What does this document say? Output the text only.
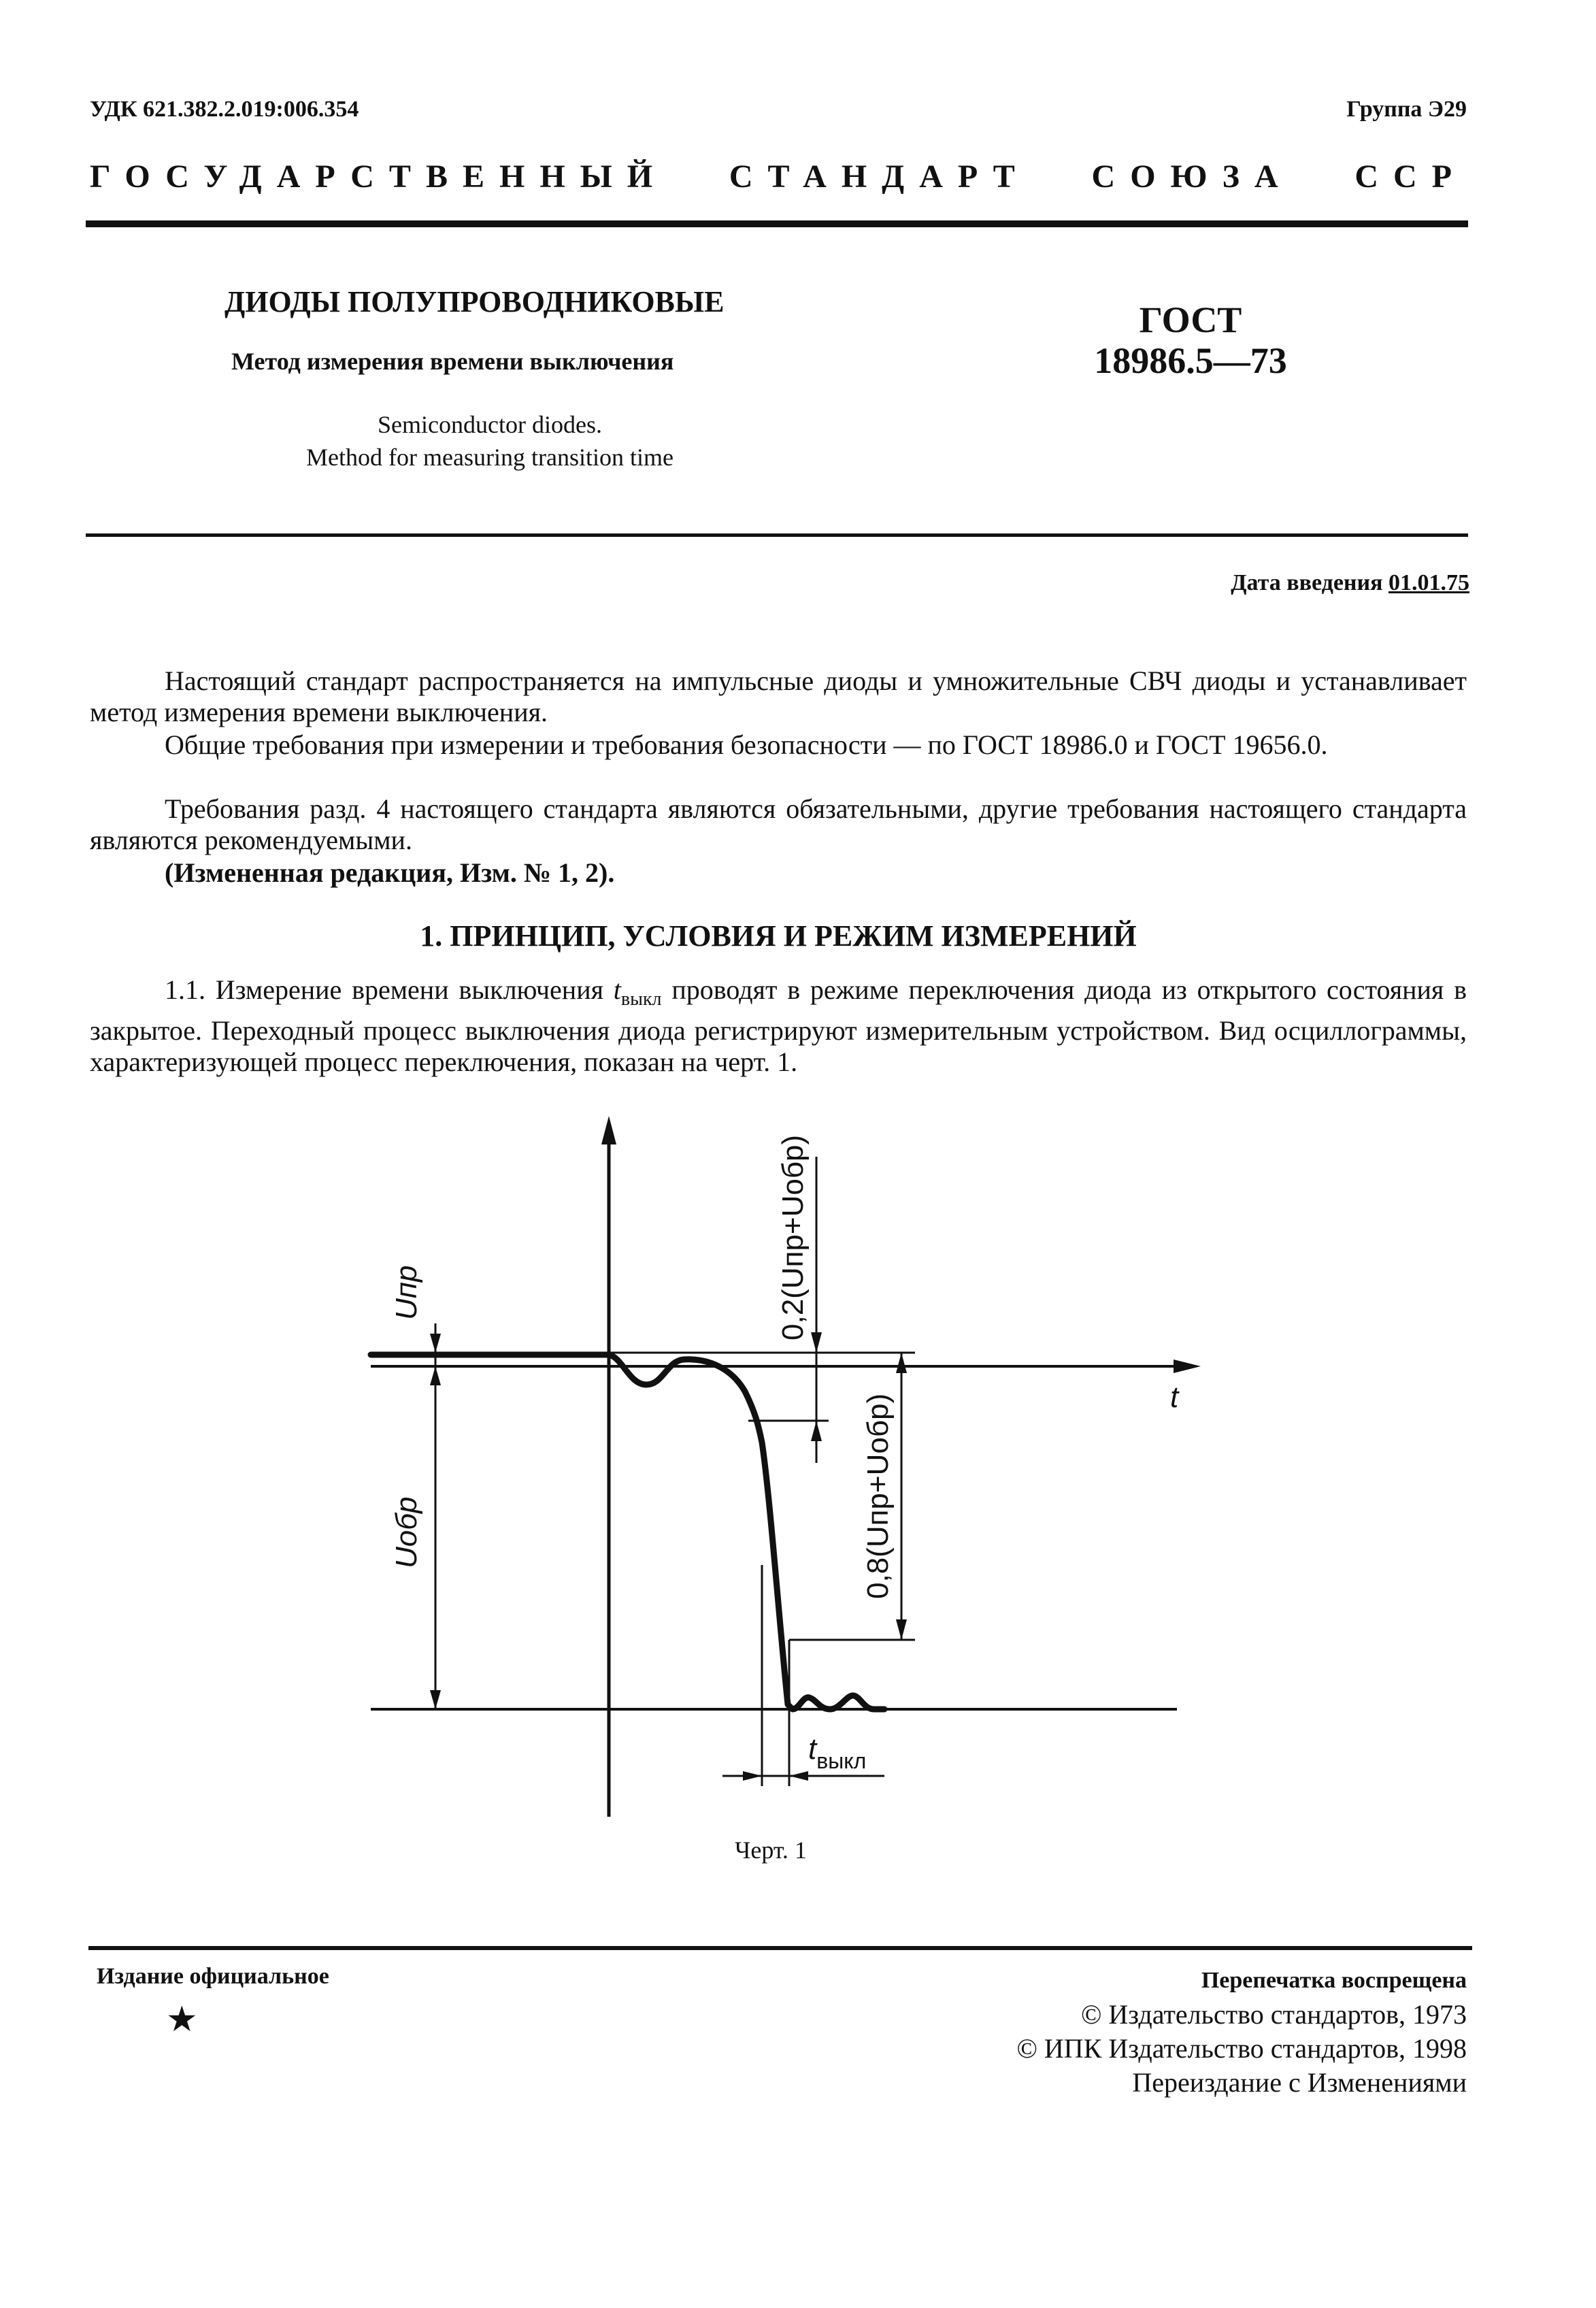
УДК 621.382.2.019:006.354	Группа Э29
ГОСУДАРСТВЕННЫЙ СТАНДАРТ СОЮЗА ССР
ДИОДЫ ПОЛУПРОВОДНИКОВЫЕ
Метод измерения времени выключения
Semiconductor diodes.
Method for measuring transition time
ГОСТ
18986.5—73
Дата введения 01.01.75
Настоящий стандарт распространяется на импульсные диоды и умножительные СВЧ диоды и устанавливает метод измерения времени выключения.
Общие требования при измерении и требования безопасности — по ГОСТ 18986.0 и ГОСТ 19656.0.
Требования разд. 4 настоящего стандарта являются обязательными, другие требования настоящего стандарта являются рекомендуемыми.
(Измененная редакция, Изм. № 1, 2).
1. ПРИНЦИП, УСЛОВИЯ И РЕЖИМ ИЗМЕРЕНИЙ
1.1. Измерение времени выключения $t_{выкл}$ проводят в режиме переключения диода из открытого состояния в закрытое. Переходный процесс выключения диода регистрируют измерительным устройством. Вид осциллограммы, характеризующей процесс переключения, показан на черт. 1.
Uпр
Uобр
0,2(Uпр+Uобр)
0,8(Uпр+Uобр)	t
$t_{выкл}$
Черт. 1
Издание официальное
★
Перепечатка воспрещена
© Издательство стандартов, 1973
© ИПК Издательство стандартов, 1998
Переиздание с Изменениями
